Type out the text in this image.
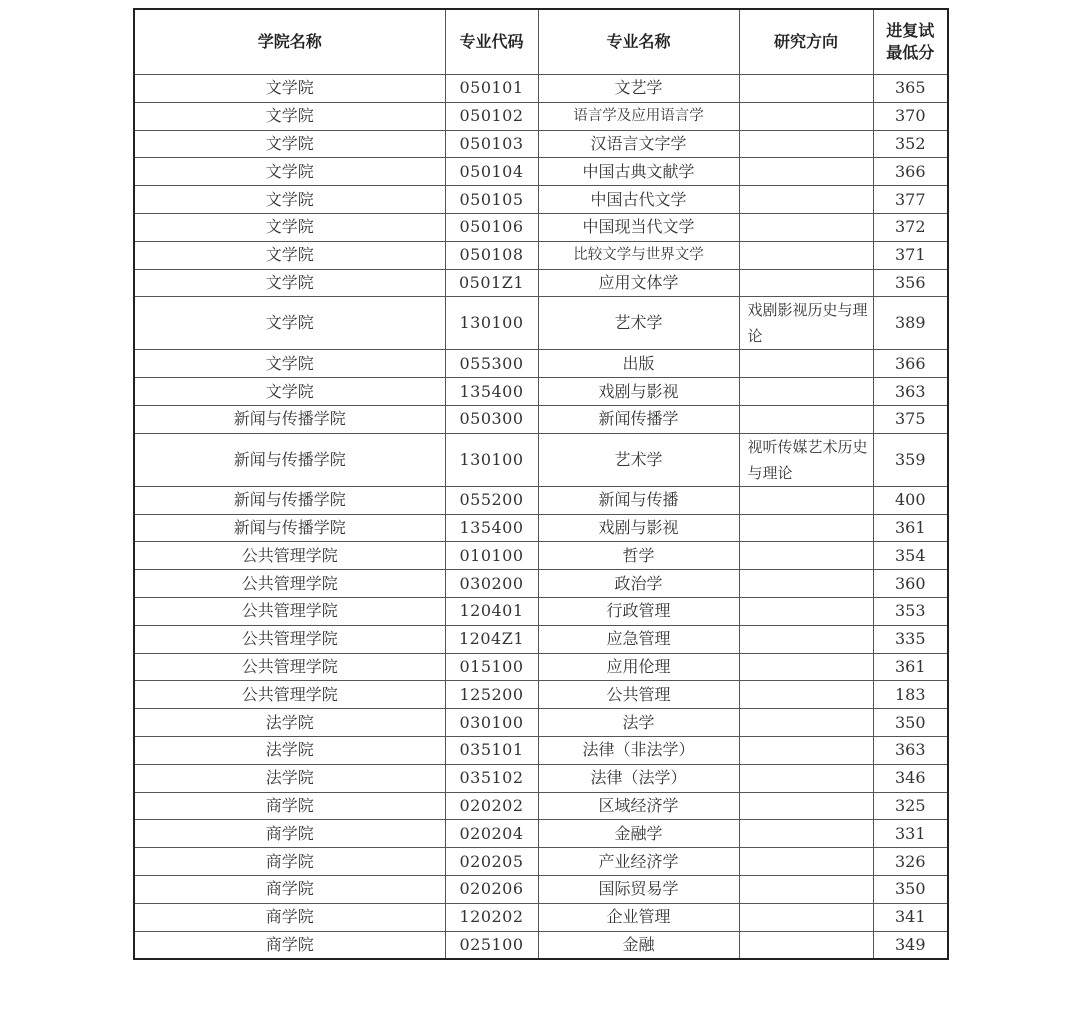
学院名称	专业代码	专业名称	研究方向	进复试最低分

文学院	050101	文艺学		365
文学院	050102	语言学及应用语言学		370
文学院	050103	汉语言文字学		352
文学院	050104	中国古典文献学		366
文学院	050105	中国古代文学		377
文学院	050106	中国现当代文学		372
文学院	050108	比较文学与世界文学		371
文学院	0501Z1	应用文体学		356
文学院	130100	艺术学	戏剧影视历史与理论	389
文学院	055300	出版		366
文学院	135400	戏剧与影视		363
新闻与传播学院	050300	新闻传播学		375
新闻与传播学院	130100	艺术学	视听传媒艺术历史与理论	359
新闻与传播学院	055200	新闻与传播		400
新闻与传播学院	135400	戏剧与影视		361
公共管理学院	010100	哲学		354
公共管理学院	030200	政治学		360
公共管理学院	120401	行政管理		353
公共管理学院	1204Z1	应急管理		335
公共管理学院	015100	应用伦理		361
公共管理学院	125200	公共管理		183
法学院	030100	法学		350
法学院	035101	法律（非法学）		363
法学院	035102	法律（法学）		346
商学院	020202	区域经济学		325
商学院	020204	金融学		331
商学院	020205	产业经济学		326
商学院	020206	国际贸易学		350
商学院	120202	企业管理		341
商学院	025100	金融		349
